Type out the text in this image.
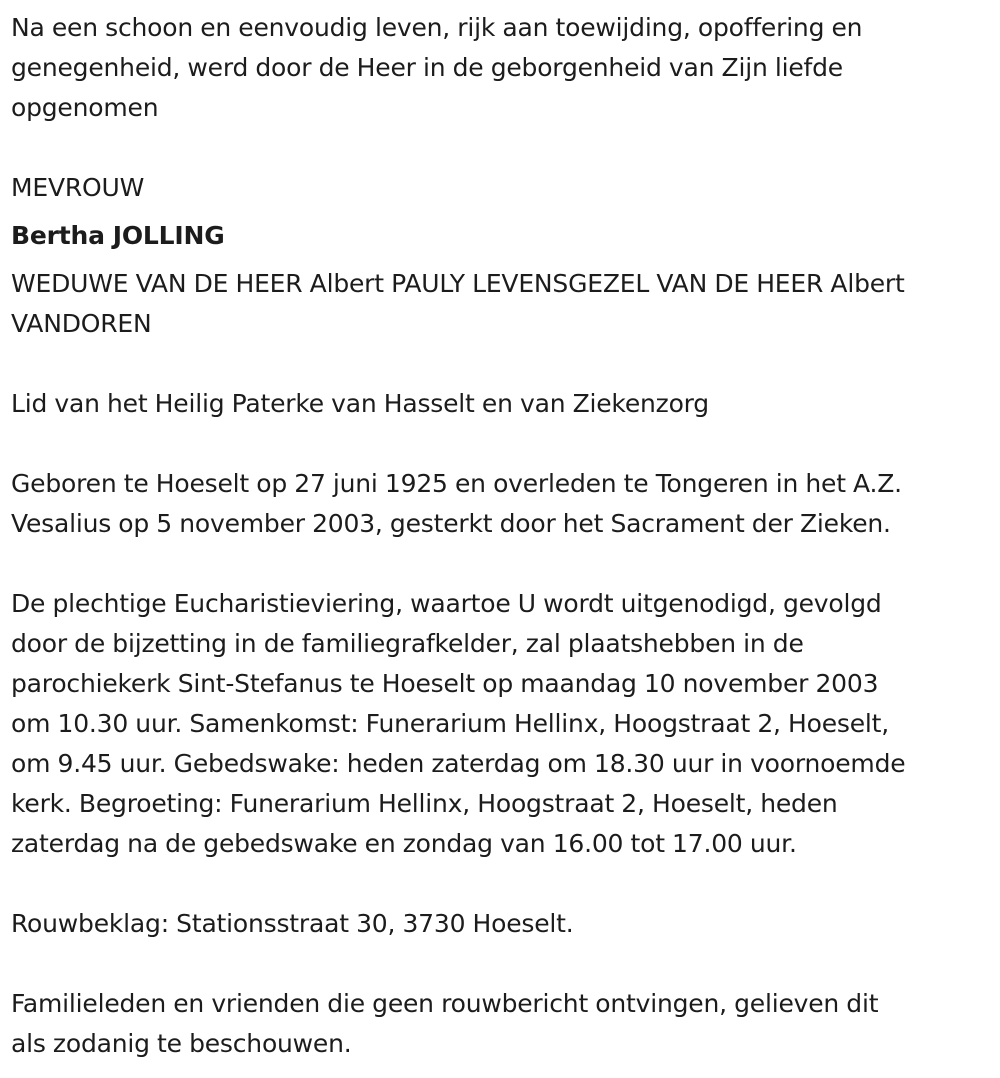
Na een schoon en eenvoudig leven, rijk aan toewijding, opoffering en
genegenheid, werd door de Heer in de geborgenheid van Zijn liefde
opgenomen

MEVROUW

Bertha JOLLING

WEDUWE VAN DE HEER Albert PAULY LEVENSGEZEL VAN DE HEER Albert
VANDOREN

Lid van het Heilig Paterke van Hasselt en van Ziekenzorg

Geboren te Hoeselt op 27 juni 1925 en overleden te Tongeren in het A.Z.
Vesalius op 5 november 2003, gesterkt door het Sacrament der Zieken.

De plechtige Eucharistieviering, waartoe U wordt uitgenodigd, gevolgd
door de bijzetting in de familiegrafkelder, zal plaatshebben in de
parochiekerk Sint-Stefanus te Hoeselt op maandag 10 november 2003
om 10.30 uur. Samenkomst: Funerarium Hellinx, Hoogstraat 2, Hoeselt,
om 9.45 uur. Gebedswake: heden zaterdag om 18.30 uur in voornoemde
kerk. Begroeting: Funerarium Hellinx, Hoogstraat 2, Hoeselt, heden
zaterdag na de gebedswake en zondag van 16.00 tot 17.00 uur.

Rouwbeklag: Stationsstraat 30, 3730 Hoeselt.

Familieleden en vrienden die geen rouwbericht ontvingen, gelieven dit
als zodanig te beschouwen.
